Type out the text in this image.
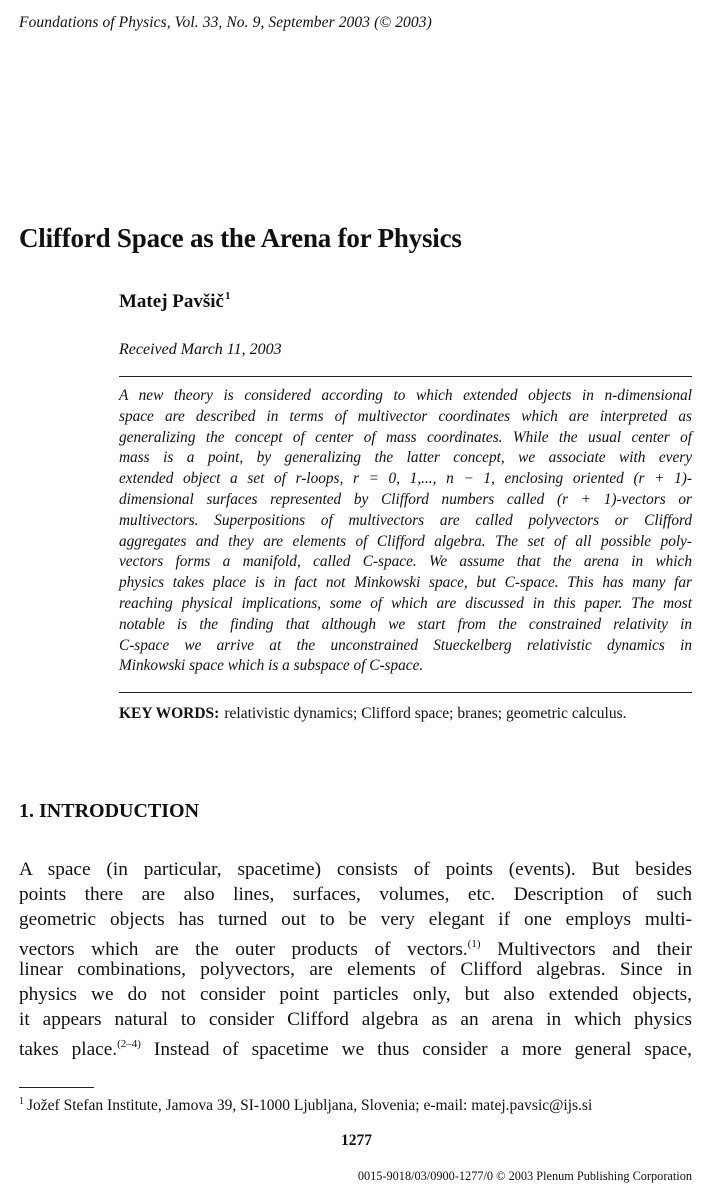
Foundations of Physics, Vol. 33, No. 9, September 2003 (© 2003)
Clifford Space as the Arena for Physics
Matej Pavšič$^1$
Received March 11, 2003
A new theory is considered according to which extended objects in n-dimensional
space are described in terms of multivector coordinates which are interpreted as
generalizing the concept of center of mass coordinates. While the usual center of
mass is a point, by generalizing the latter concept, we associate with every
extended object a set of r-loops, r = 0, 1,..., n − 1, enclosing oriented (r + 1)-
dimensional surfaces represented by Clifford numbers called (r + 1)-vectors or
multivectors. Superpositions of multivectors are called polyvectors or Clifford
aggregates and they are elements of Clifford algebra. The set of all possible poly-
vectors forms a manifold, called C-space. We assume that the arena in which
physics takes place is in fact not Minkowski space, but C-space. This has many far
reaching physical implications, some of which are discussed in this paper. The most
notable is the finding that although we start from the constrained relativity in
C-space we arrive at the unconstrained Stueckelberg relativistic dynamics in
Minkowski space which is a subspace of C-space.
KEY WORDS: relativistic dynamics; Clifford space; branes; geometric calculus.
1. INTRODUCTION
A space (in particular, spacetime) consists of points (events). But besides
points there are also lines, surfaces, volumes, etc. Description of such
geometric objects has turned out to be very elegant if one employs multi-
vectors which are the outer products of vectors.$^{(1)}$ Multivectors and their
linear combinations, polyvectors, are elements of Clifford algebras. Since in
physics we do not consider point particles only, but also extended objects,
it appears natural to consider Clifford algebra as an arena in which physics
takes place.$^{(2-4)}$ Instead of spacetime we thus consider a more general space,
$^1$ Jožef Stefan Institute, Jamova 39, SI-1000 Ljubljana, Slovenia; e-mail: matej.pavsic@ijs.si
1277
0015-9018/03/0900-1277/0 © 2003 Plenum Publishing Corporation
